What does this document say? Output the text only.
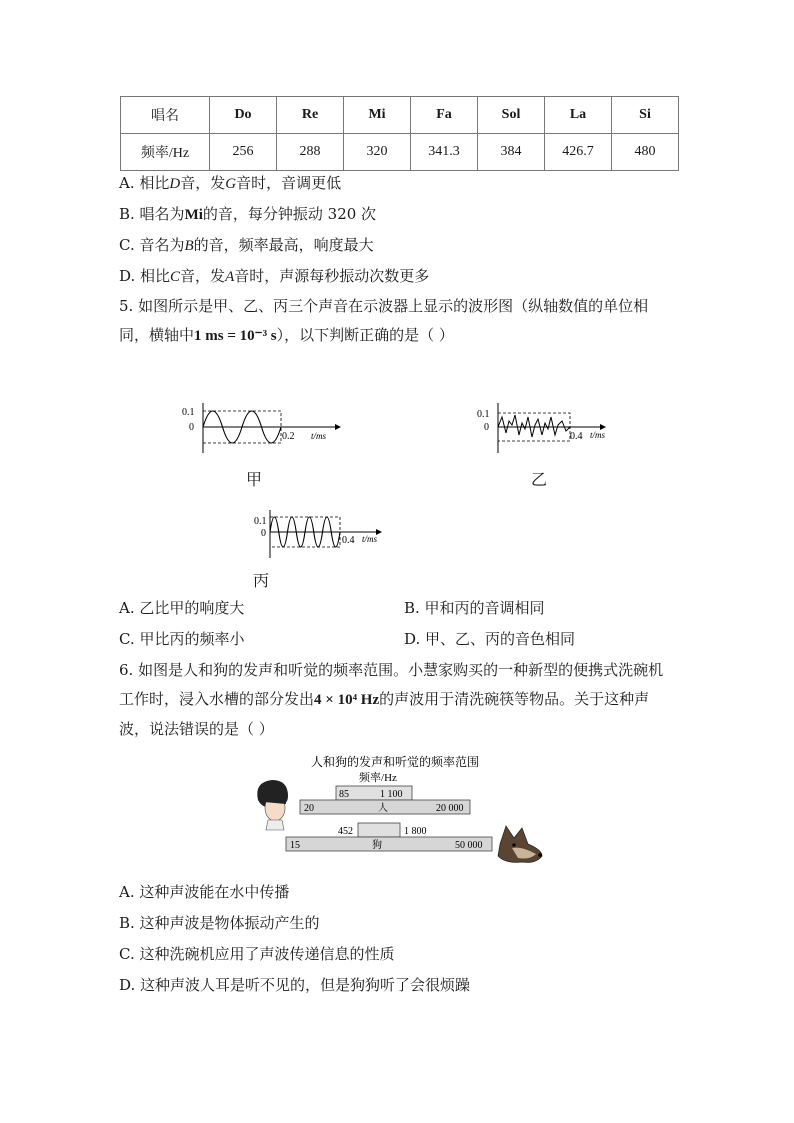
唱名	Do	Re	Mi	Fa	Sol	La	Si
频率/Hz	256	288	320	341.3	384	426.7	480
A. 相比D音，发G音时，音调更低
B. 唱名为Mi的音，每分钟振动 320 次
C. 音名为B的音，频率最高，响度最大
D. 相比C音，发A音时，声源每秒振动次数更多
5. 如图所示是甲、乙、丙三个声音在示波器上显示的波形图（纵轴数值的单位相同，横轴中1 ms = 10⁻³ s），以下判断正确的是（ ）
0.1
0
0.2 t/ms
甲
0.1
0
0.4 t/ms
乙
0.1
0
0.4 t/ms
丙
A. 乙比甲的响度大	B. 甲和丙的音调相同
C. 甲比丙的频率小	D. 甲、乙、丙的音色相同
6. 如图是人和狗的发声和听觉的频率范围。小慧家购买的一种新型的便携式洗碗机工作时，浸入水槽的部分发出4 × 10⁴ Hz的声波用于清洗碗筷等物品。关于这种声波，说法错误的是（ ）
人和狗的发声和听觉的频率范围
频率/Hz
85	1 100
20	人	20 000
452	1 800
15	狗	50 000
A. 这种声波能在水中传播
B. 这种声波是物体振动产生的
C. 这种洗碗机应用了声波传递信息的性质
D. 这种声波人耳是听不见的，但是狗狗听了会很烦躁
